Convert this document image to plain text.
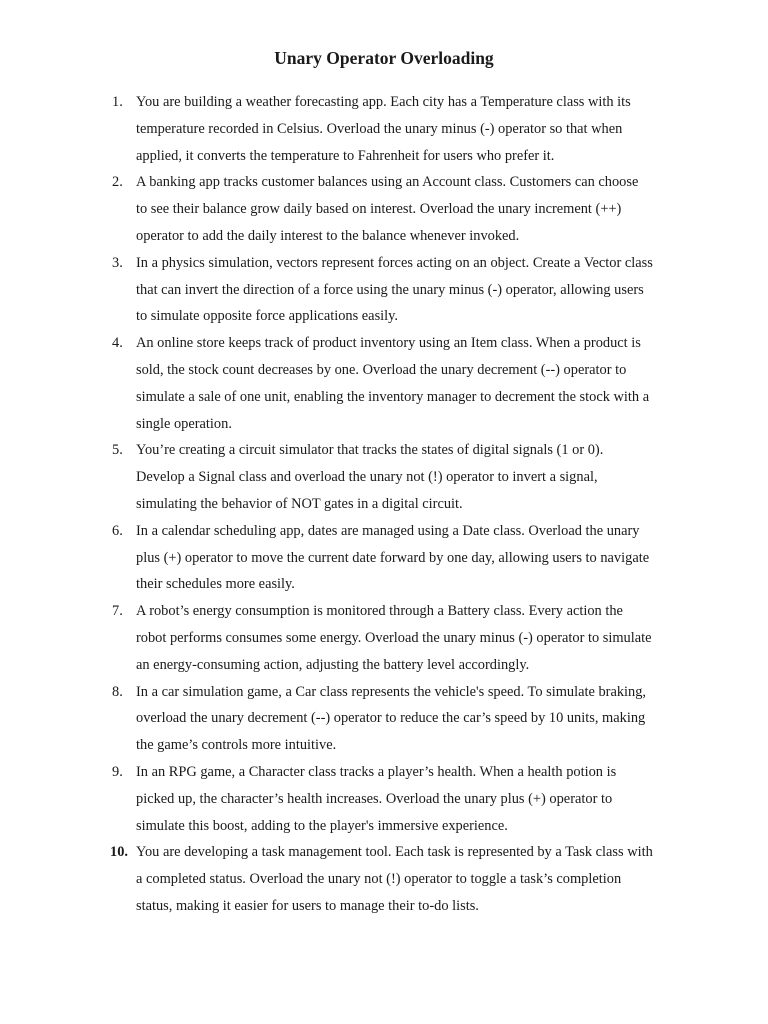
Unary Operator Overloading
1. You are building a weather forecasting app. Each city has a Temperature class with its
temperature recorded in Celsius. Overload the unary minus (-) operator so that when
applied, it converts the temperature to Fahrenheit for users who prefer it.
2. A banking app tracks customer balances using an Account class. Customers can choose
to see their balance grow daily based on interest. Overload the unary increment (++)
operator to add the daily interest to the balance whenever invoked.
3. In a physics simulation, vectors represent forces acting on an object. Create a Vector class
that can invert the direction of a force using the unary minus (-) operator, allowing users
to simulate opposite force applications easily.
4. An online store keeps track of product inventory using an Item class. When a product is
sold, the stock count decreases by one. Overload the unary decrement (--) operator to
simulate a sale of one unit, enabling the inventory manager to decrement the stock with a
single operation.
5. You’re creating a circuit simulator that tracks the states of digital signals (1 or 0).
Develop a Signal class and overload the unary not (!) operator to invert a signal,
simulating the behavior of NOT gates in a digital circuit.
6. In a calendar scheduling app, dates are managed using a Date class. Overload the unary
plus (+) operator to move the current date forward by one day, allowing users to navigate
their schedules more easily.
7. A robot’s energy consumption is monitored through a Battery class. Every action the
robot performs consumes some energy. Overload the unary minus (-) operator to simulate
an energy-consuming action, adjusting the battery level accordingly.
8. In a car simulation game, a Car class represents the vehicle's speed. To simulate braking,
overload the unary decrement (--) operator to reduce the car’s speed by 10 units, making
the game’s controls more intuitive.
9. In an RPG game, a Character class tracks a player’s health. When a health potion is
picked up, the character’s health increases. Overload the unary plus (+) operator to
simulate this boost, adding to the player's immersive experience.
10. You are developing a task management tool. Each task is represented by a Task class with
a completed status. Overload the unary not (!) operator to toggle a task’s completion
status, making it easier for users to manage their to-do lists.
